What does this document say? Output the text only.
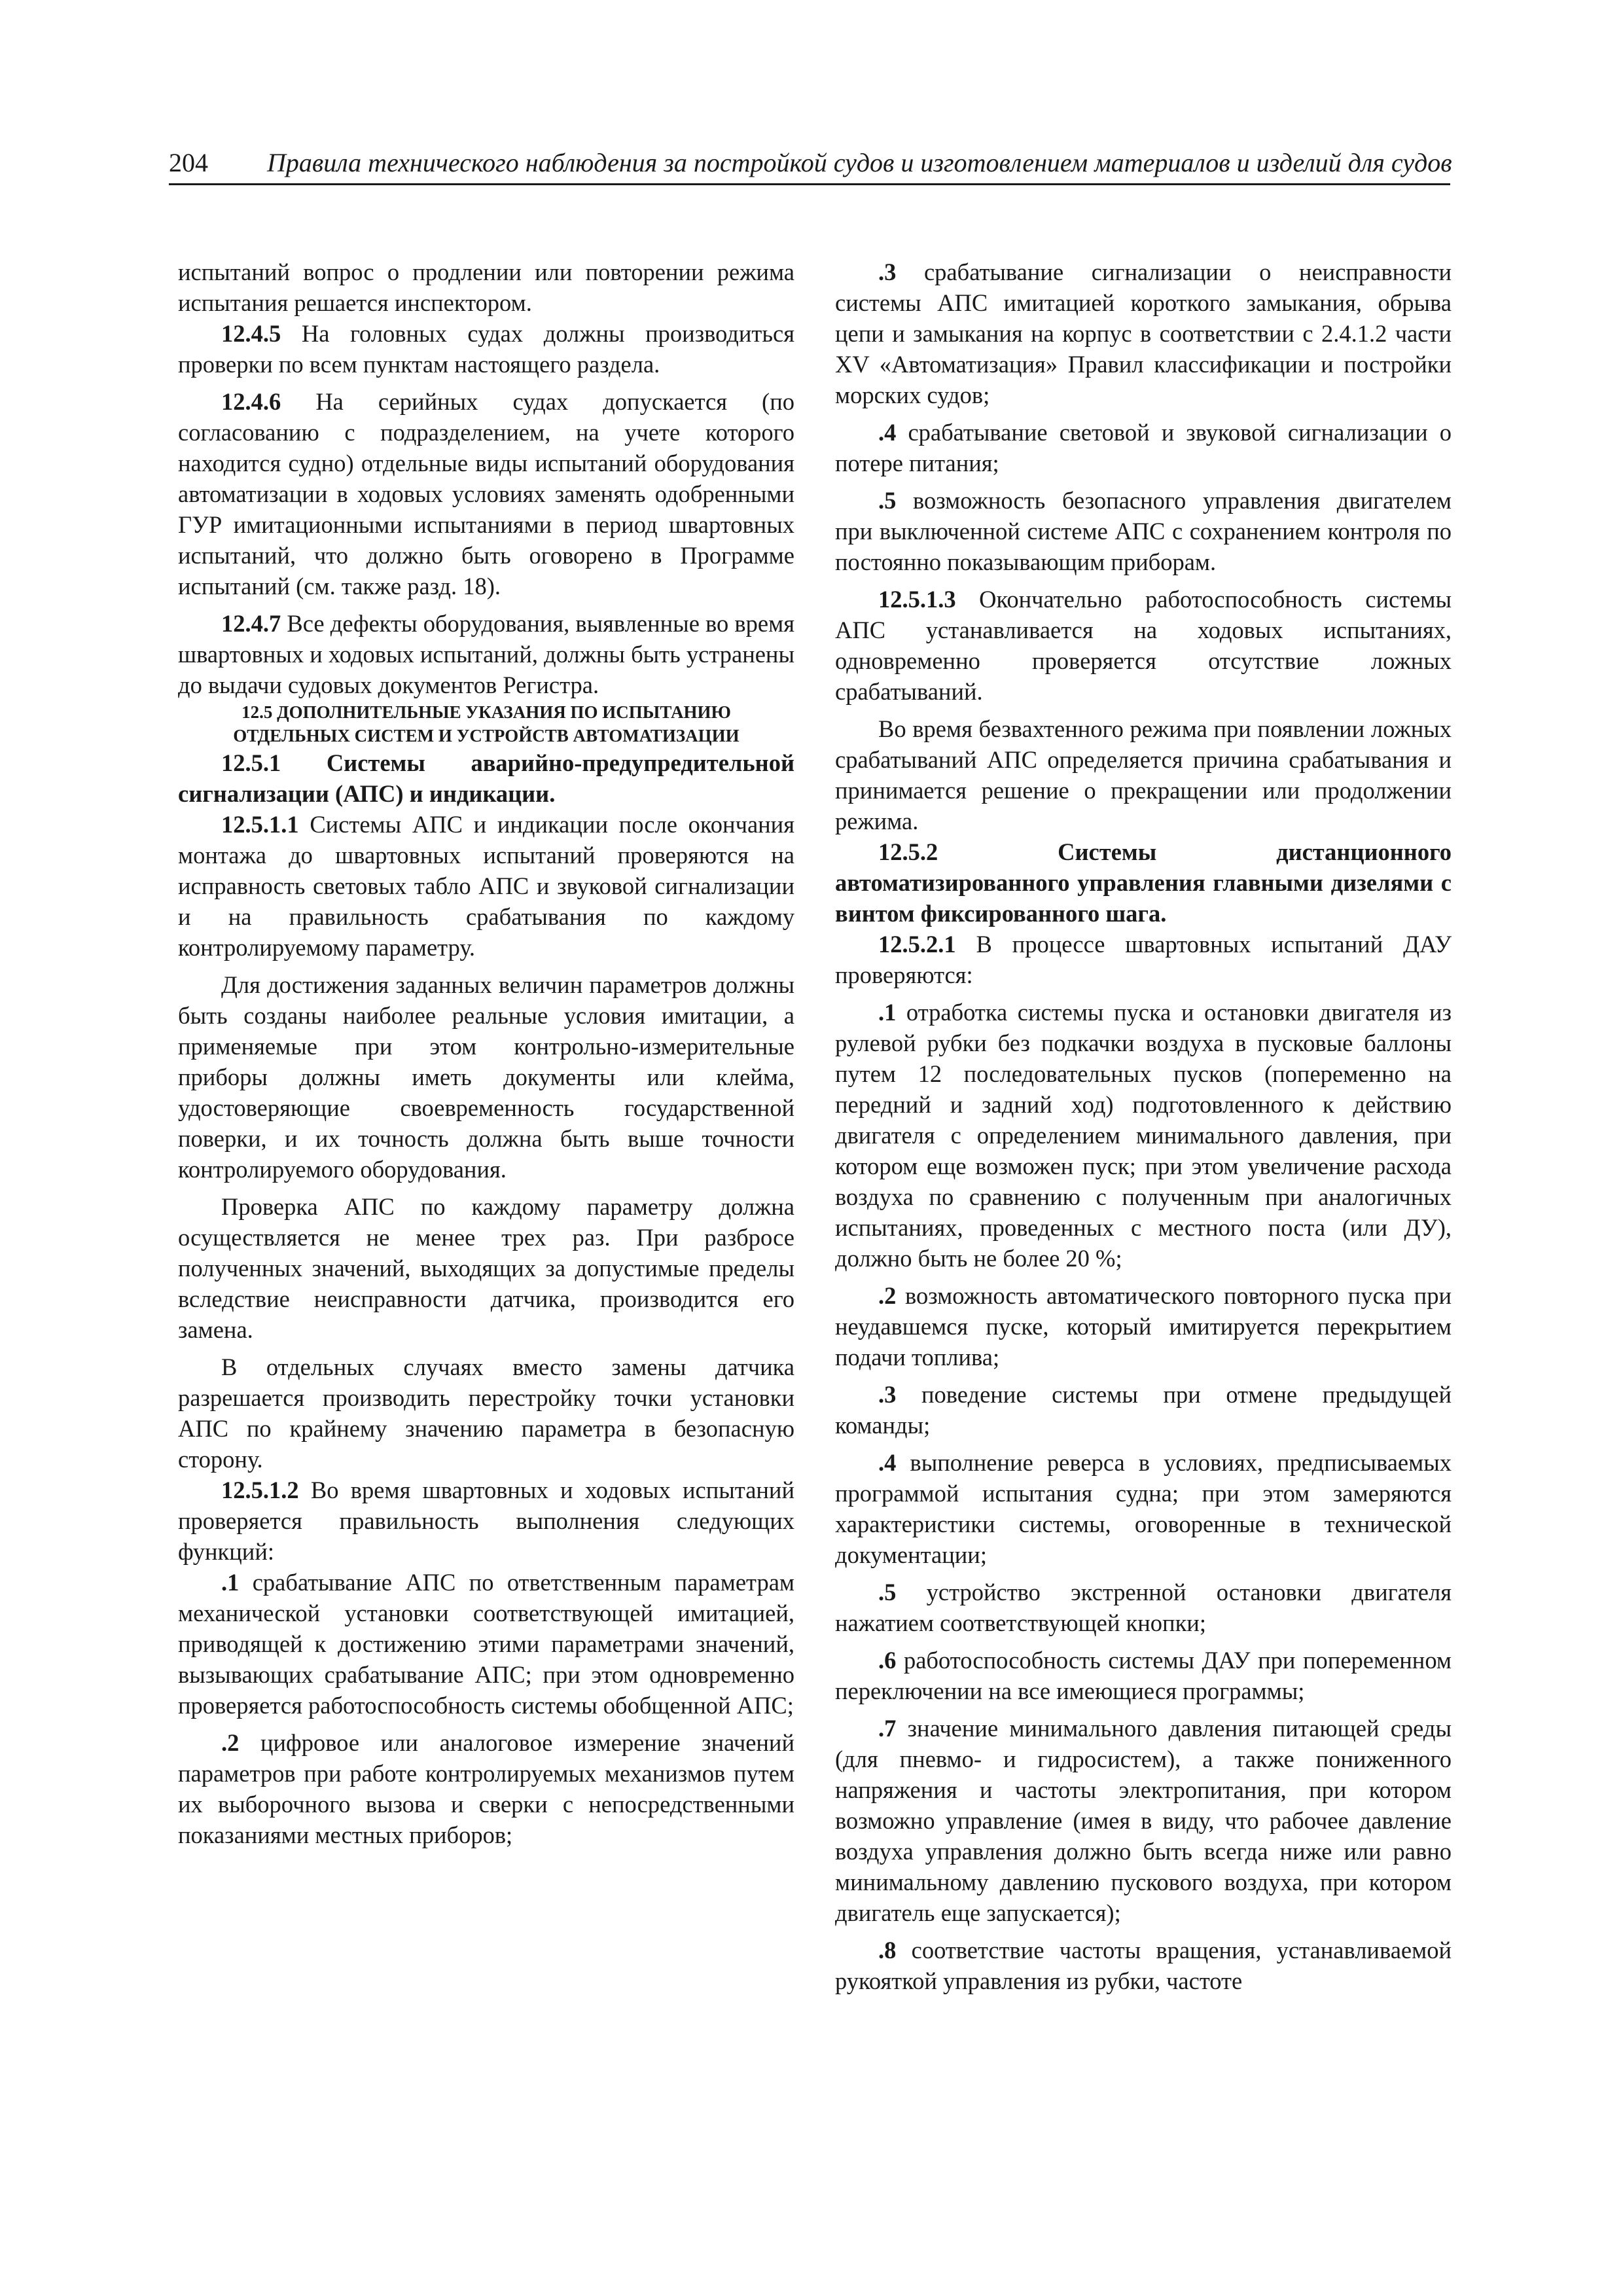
204 Правила технического наблюдения за постройкой судов и изготовлением материалов и изделий для судов

испытаний вопрос о продлении или повторении режима испытания решается инспектором.

12.4.5 На головных судах должны производиться проверки по всем пунктам настоящего раздела.

12.4.6 На серийных судах допускается (по согласованию с подразделением, на учете которого находится судно) отдельные виды испытаний оборудования автоматизации в ходовых условиях заменять одобренными ГУР имитационными испытаниями в период швартовных испытаний, что должно быть оговорено в Программе испытаний (см. также разд. 18).

12.4.7 Все дефекты оборудования, выявленные во время швартовных и ходовых испытаний, должны быть устранены до выдачи судовых документов Регистра.

12.5 ДОПОЛНИТЕЛЬНЫЕ УКАЗАНИЯ ПО ИСПЫТАНИЮ
ОТДЕЛЬНЫХ СИСТЕМ И УСТРОЙСТВ АВТОМАТИЗАЦИИ

12.5.1 Системы аварийно-предупредительной сигнализации (АПС) и индикации.

12.5.1.1 Системы АПС и индикации после окончания монтажа до швартовных испытаний проверяются на исправность световых табло АПС и звуковой сигнализации и на правильность срабатывания по каждому контролируемому параметру.

Для достижения заданных величин параметров должны быть созданы наиболее реальные условия имитации, а применяемые при этом контрольно-измерительные приборы должны иметь документы или клейма, удостоверяющие своевременность государственной поверки, и их точность должна быть выше точности контролируемого оборудования.

Проверка АПС по каждому параметру должна осуществляется не менее трех раз. При разбросе полученных значений, выходящих за допустимые пределы вследствие неисправности датчика, производится его замена.

В отдельных случаях вместо замены датчика разрешается производить перестройку точки установки АПС по крайнему значению параметра в безопасную сторону.

12.5.1.2 Во время швартовных и ходовых испытаний проверяется правильность выполнения следующих функций:

.1 срабатывание АПС по ответственным параметрам механической установки соответствующей имитацией, приводящей к достижению этими параметрами значений, вызывающих срабатывание АПС; при этом одновременно проверяется работоспособность системы обобщенной АПС;

.2 цифровое или аналоговое измерение значений параметров при работе контролируемых механизмов путем их выборочного вызова и сверки с непосредственными показаниями местных приборов;

.3 срабатывание сигнализации о неисправности системы АПС имитацией короткого замыкания, обрыва цепи и замыкания на корпус в соответствии с 2.4.1.2 части XV «Автоматизация» Правил классификации и постройки морских судов;

.4 срабатывание световой и звуковой сигнализации о потере питания;

.5 возможность безопасного управления двигателем при выключенной системе АПС с сохранением контроля по постоянно показывающим приборам.

12.5.1.3 Окончательно работоспособность системы АПС устанавливается на ходовых испытаниях, одновременно проверяется отсутствие ложных срабатываний.

Во время безвахтенного режима при появлении ложных срабатываний АПС определяется причина срабатывания и принимается решение о прекращении или продолжении режима.

12.5.2 Системы дистанционного автоматизированного управления главными дизелями с винтом фиксированного шага.

12.5.2.1 В процессе швартовных испытаний ДАУ проверяются:

.1 отработка системы пуска и остановки двигателя из рулевой рубки без подкачки воздуха в пусковые баллоны путем 12 последовательных пусков (попеременно на передний и задний ход) подготовленного к действию двигателя с определением минимального давления, при котором еще возможен пуск; при этом увеличение расхода воздуха по сравнению с полученным при аналогичных испытаниях, проведенных с местного поста (или ДУ), должно быть не более 20 %;

.2 возможность автоматического повторного пуска при неудавшемся пуске, который имитируется перекрытием подачи топлива;

.3 поведение системы при отмене предыдущей команды;

.4 выполнение реверса в условиях, предписываемых программой испытания судна; при этом замеряются характеристики системы, оговоренные в технической документации;

.5 устройство экстренной остановки двигателя нажатием соответствующей кнопки;

.6 работоспособность системы ДАУ при попеременном переключении на все имеющиеся программы;

.7 значение минимального давления питающей среды (для пневмо- и гидросистем), а также пониженного напряжения и частоты электропитания, при котором возможно управление (имея в виду, что рабочее давление воздуха управления должно быть всегда ниже или равно минимальному давлению пускового воздуха, при котором двигатель еще запускается);

.8 соответствие частоты вращения, устанавливаемой рукояткой управления из рубки, частоте
